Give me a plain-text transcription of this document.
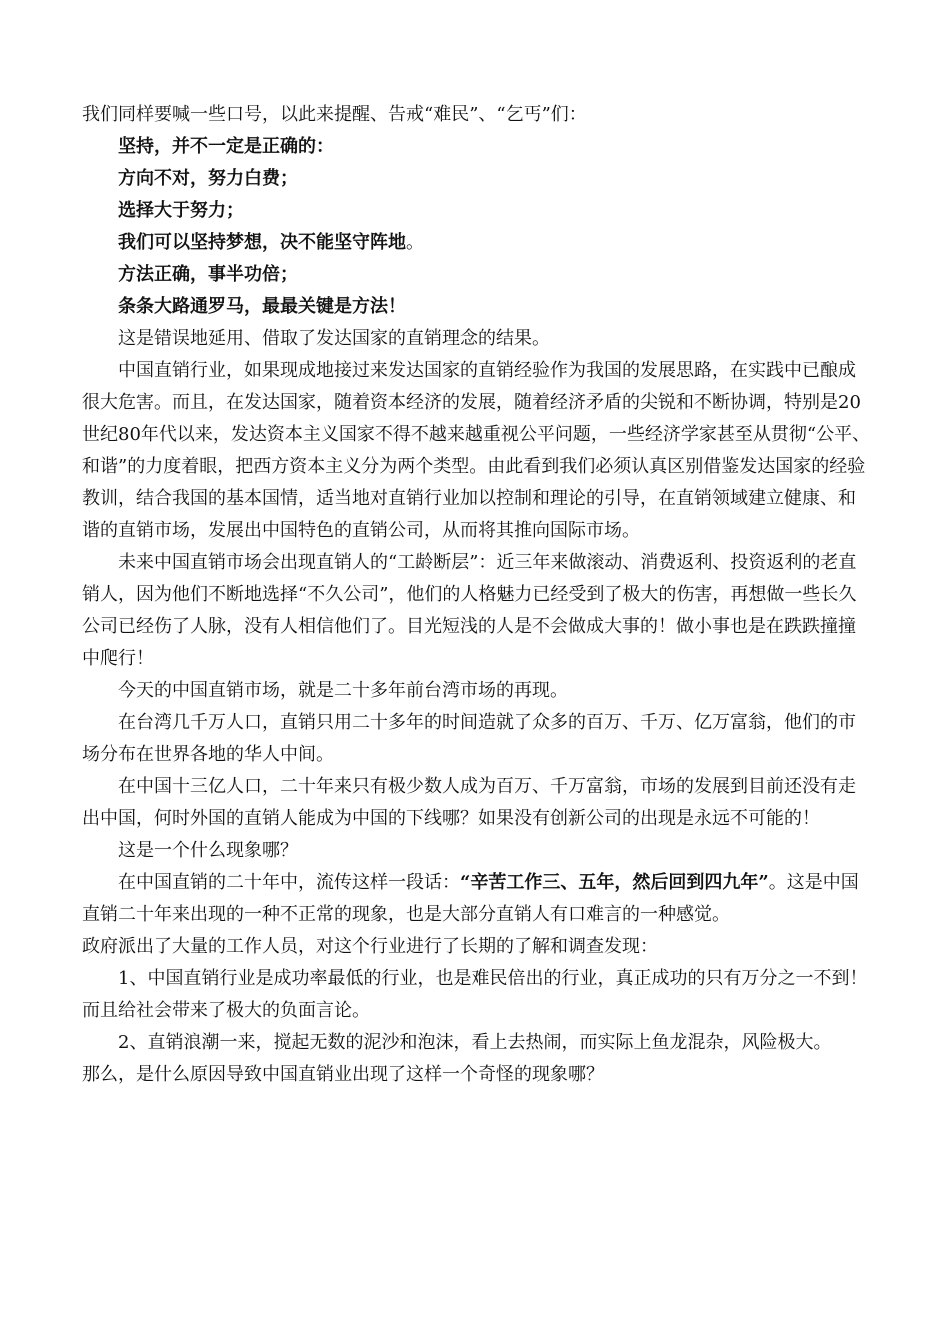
我们同样要喊一些口号，以此来提醒、告戒“难民”、“乞丐”们：

坚持，并不一定是正确的：

方向不对，努力白费；

选择大于努力；

我们可以坚持梦想，决不能坚守阵地。

方法正确，事半功倍；

条条大路通罗马，最最关键是方法！

这是错误地延用、借取了发达国家的直销理念的结果。

中国直销行业，如果现成地接过来发达国家的直销经验作为我国的发展思路，在实践中已酿成很大危害。而且，在发达国家，随着资本经济的发展，随着经济矛盾的尖锐和不断协调，特别是20世纪80年代以来，发达资本主义国家不得不越来越重视公平问题，一些经济学家甚至从贯彻“公平、和谐”的力度着眼，把西方资本主义分为两个类型。由此看到我们必须认真区别借鉴发达国家的经验教训，结合我国的基本国情，适当地对直销行业加以控制和理论的引导，在直销领域建立健康、和谐的直销市场，发展出中国特色的直销公司，从而将其推向国际市场。

未来中国直销市场会出现直销人的“工龄断层”：近三年来做滚动、消费返利、投资返利的老直销人，因为他们不断地选择“不久公司”，他们的人格魅力已经受到了极大的伤害，再想做一些长久公司已经伤了人脉，没有人相信他们了。目光短浅的人是不会做成大事的！做小事也是在跌跌撞撞中爬行！

今天的中国直销市场，就是二十多年前台湾市场的再现。

在台湾几千万人口，直销只用二十多年的时间造就了众多的百万、千万、亿万富翁，他们的市场分布在世界各地的华人中间。

在中国十三亿人口，二十年来只有极少数人成为百万、千万富翁，市场的发展到目前还没有走出中国，何时外国的直销人能成为中国的下线哪？如果没有创新公司的出现是永远不可能的！

这是一个什么现象哪？

在中国直销的二十年中，流传这样一段话：“辛苦工作三、五年，然后回到四九年”。这是中国直销二十年来出现的一种不正常的现象，也是大部分直销人有口难言的一种感觉。

政府派出了大量的工作人员，对这个行业进行了长期的了解和调查发现：

1、中国直销行业是成功率最低的行业，也是难民倍出的行业，真正成功的只有万分之一不到！而且给社会带来了极大的负面言论。

2、直销浪潮一来，搅起无数的泥沙和泡沫，看上去热闹，而实际上鱼龙混杂，风险极大。

那么，是什么原因导致中国直销业出现了这样一个奇怪的现象哪？
